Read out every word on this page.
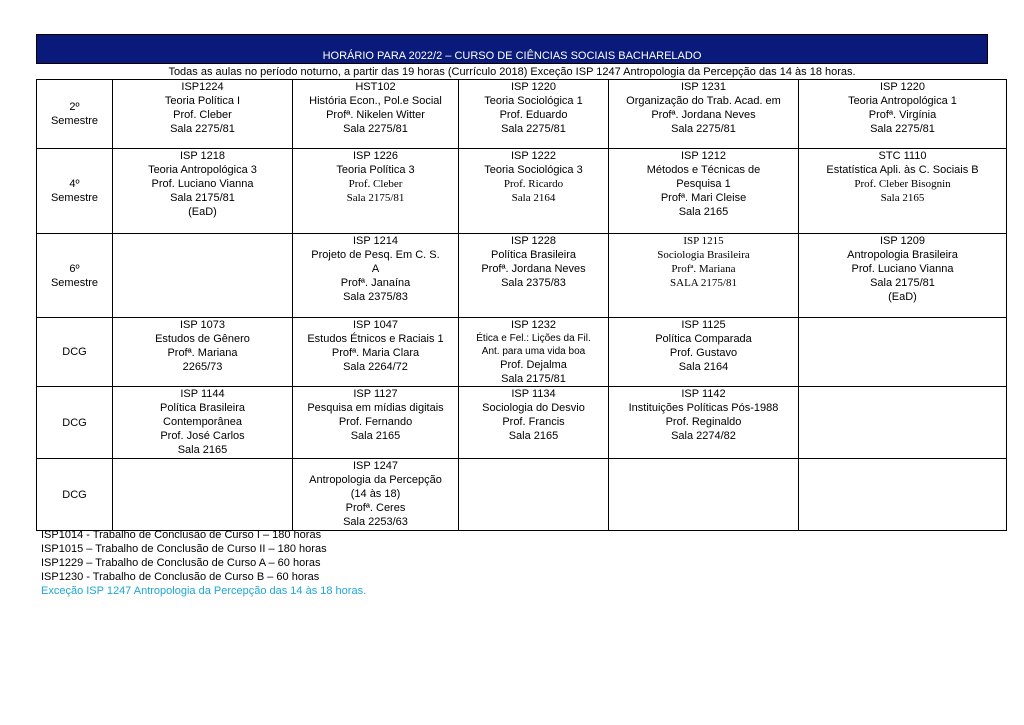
HORÁRIO PARA 2022/2 – CURSO DE CIÊNCIAS SOCIAIS BACHARELADO
Todas as aulas no período noturno, a partir das 19 horas (Currículo 2018) Exceção ISP 1247 Antropologia da Percepção das 14 às 18 horas.
2º
Semestre	ISP1224
Teoria Política I
Prof. Cleber
Sala 2275/81	HST102
História Econ., Pol.e Social
Profª. Nikelen Witter
Sala 2275/81	ISP 1220
Teoria Sociológica 1
Prof. Eduardo
Sala 2275/81	ISP 1231
Organização do Trab. Acad. em
Profª. Jordana Neves
Sala 2275/81	ISP 1220
Teoria Antropológica 1
Profª. Virgínia
Sala 2275/81

4º
Semestre	ISP 1218
Teoria Antropológica 3
Prof. Luciano Vianna
Sala 2175/81
(EaD)	ISP 1226
Teoria Política 3
Prof. Cleber
Sala 2175/81	ISP 1222
Teoria Sociológica 3
Prof. Ricardo
Sala 2164	ISP 1212
Métodos e Técnicas de
Pesquisa 1
Profª. Mari Cleise
Sala 2165	STC 1110
Estatística Apli. às C. Sociais B
Prof. Cleber Bisognin
Sala 2165

6º
Semestre		ISP 1214
Projeto de Pesq. Em C. S.
A
Profª. Janaína
Sala 2375/83	ISP 1228
Política Brasileira
Profª. Jordana Neves
Sala 2375/83	ISP 1215
Sociologia Brasileira
Profª. Mariana
SALA 2175/81	ISP 1209
Antropologia Brasileira
Prof. Luciano Vianna
Sala 2175/81
(EaD)

DCG	ISP 1073
Estudos de Gênero
Profª. Mariana
2265/73	ISP 1047
Estudos Étnicos e Raciais 1
Profª. Maria Clara
Sala 2264/72	ISP 1232
Ética e Fel.: Lições da Fil.
Ant. para uma vida boa
Prof. Dejalma
Sala 2175/81	ISP 1125
Política Comparada
Prof. Gustavo
Sala 2164	

DCG	ISP 1144
Política Brasileira
Contemporânea
Prof. José Carlos
Sala 2165	ISP 1127
Pesquisa em mídias digitais
Prof. Fernando
Sala 2165	ISP 1134
Sociologia do Desvio
Prof. Francis
Sala 2165	ISP 1142
Instituições Políticas Pós-1988
Prof. Reginaldo
Sala 2274/82	

DCG		ISP 1247
Antropologia da Percepção
(14 às 18)
Profª. Ceres
Sala 2253/63			

ISP1014 - Trabalho de Conclusão de Curso I – 180 horas
ISP1015 – Trabalho de Conclusão de Curso II – 180 horas
ISP1229 – Trabalho de Conclusão de Curso A – 60 horas
ISP1230 - Trabalho de Conclusão de Curso B – 60 horas
Exceção ISP 1247 Antropologia da Percepção das 14 às 18 horas.
